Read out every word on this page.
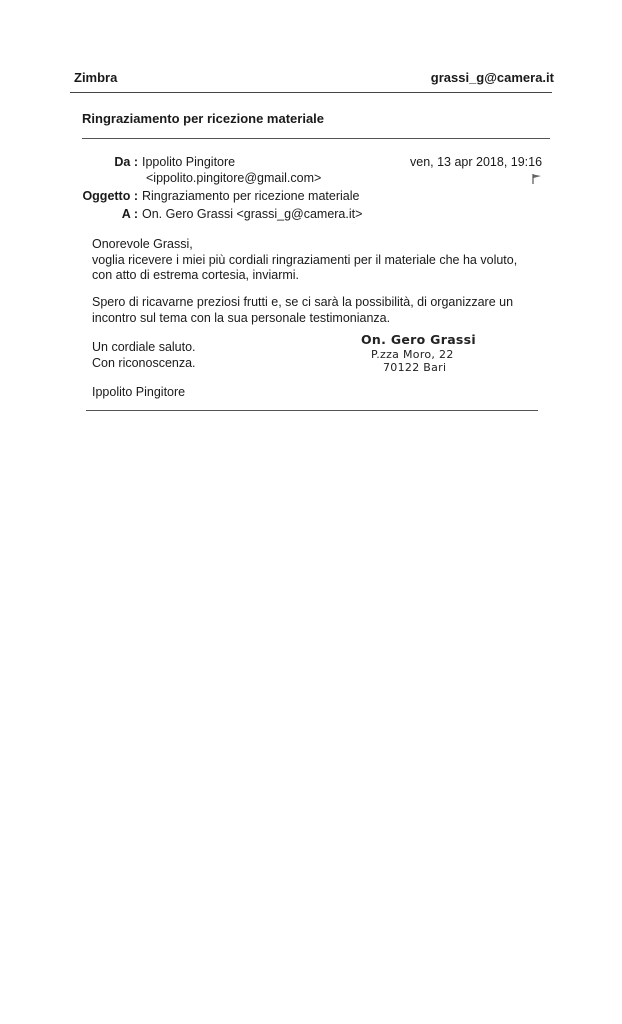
Zimbra	grassi_g@camera.it
Ringraziamento per ricezione materiale
Da : Ippolito Pingitore
<ippolito.pingitore@gmail.com>
ven, 13 apr 2018, 19:16
Oggetto : Ringraziamento per ricezione materiale
A : On. Gero Grassi <grassi_g@camera.it>
Onorevole Grassi,
voglia ricevere i miei più cordiali ringraziamenti per il materiale che ha voluto,
con atto di estrema cortesia, inviarmi.
Spero di ricavarne preziosi frutti e, se ci sarà la possibilità, di organizzare un
incontro sul tema con la sua personale testimonianza.
Un cordiale saluto.
Con riconoscenza.
Ippolito Pingitore
On. Gero Grassi
P.zza Moro, 22
70122 Bari
